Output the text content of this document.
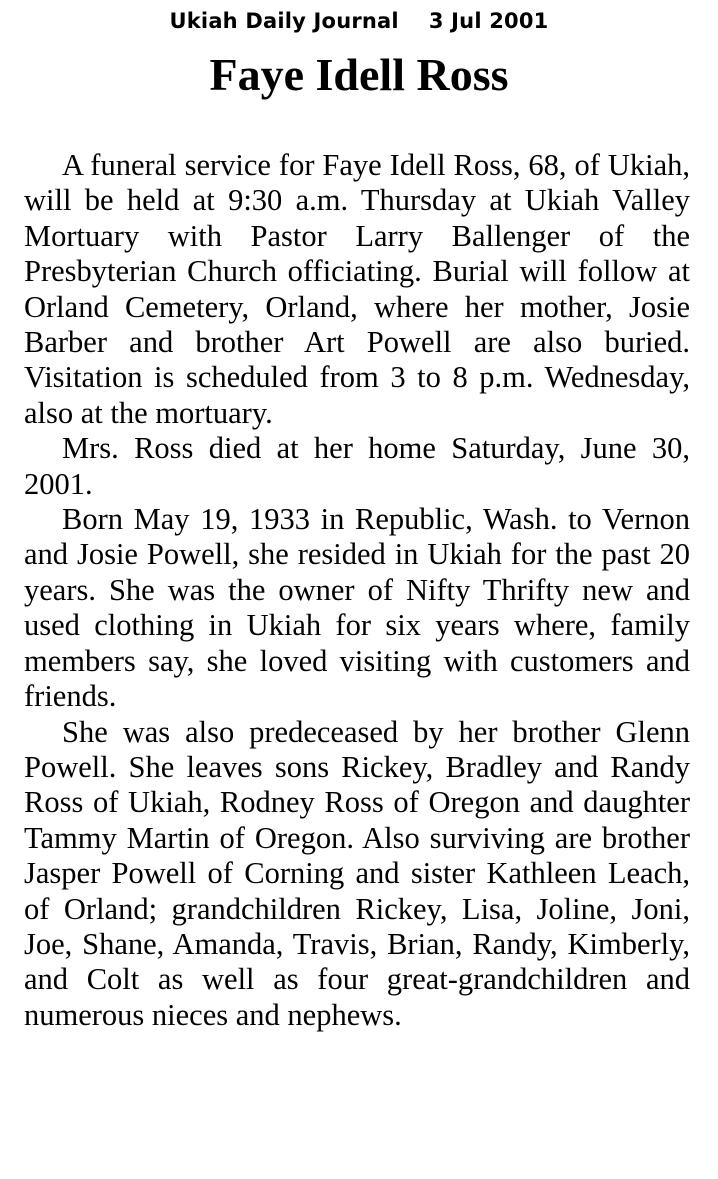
Ukiah Daily Journal 3 Jul 2001
Faye Idell Ross

A funeral service for Faye Idell Ross, 68, of Ukiah, will be held at 9:30 a.m. Thursday at Ukiah Valley Mortuary with Pastor Larry Ballenger of the Presbyterian Church officiating. Burial will follow at Orland Cemetery, Orland, where her mother, Josie Barber and brother Art Powell are also buried. Visitation is scheduled from 3 to 8 p.m. Wednesday, also at the mortuary.

Mrs. Ross died at her home Saturday, June 30, 2001.

Born May 19, 1933 in Republic, Wash. to Vernon and Josie Powell, she resided in Ukiah for the past 20 years. She was the owner of Nifty Thrifty new and used clothing in Ukiah for six years where, family members say, she loved visiting with customers and friends.

She was also predeceased by her brother Glenn Powell. She leaves sons Rickey, Bradley and Randy Ross of Ukiah, Rodney Ross of Oregon and daughter Tammy Martin of Oregon. Also surviving are brother Jasper Powell of Corning and sister Kathleen Leach, of Orland; grandchildren Rickey, Lisa, Joline, Joni, Joe, Shane, Amanda, Travis, Brian, Randy, Kimberly, and Colt as well as four great-grandchildren and numerous nieces and nephews.
